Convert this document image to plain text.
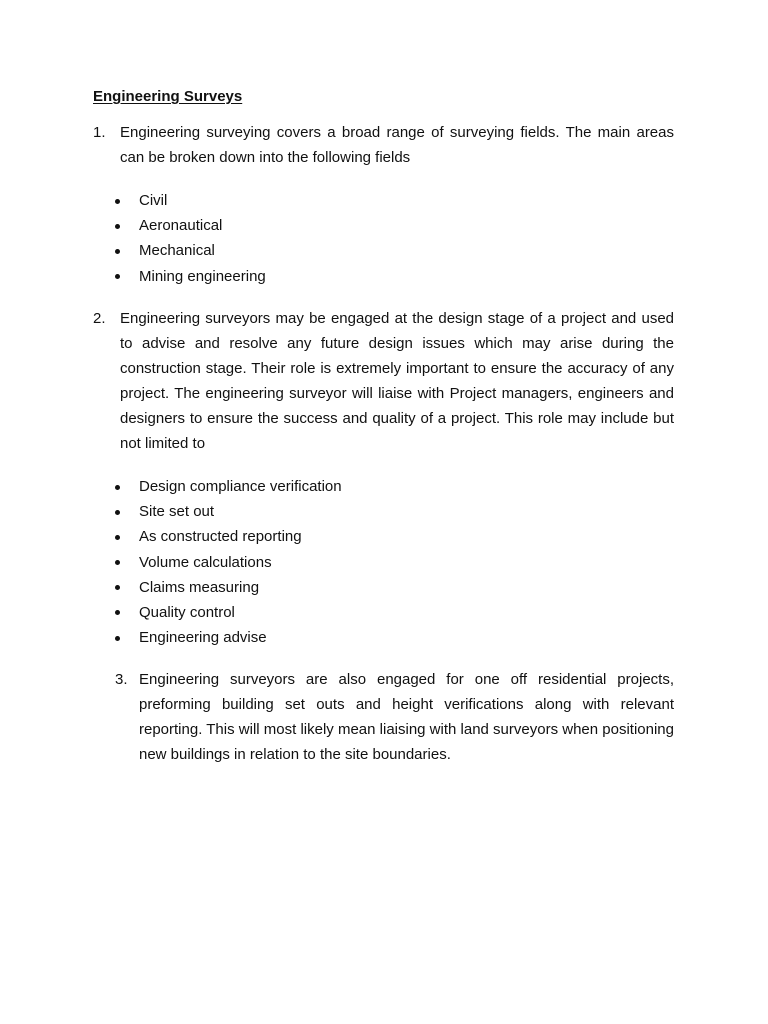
Engineering Surveys
1. Engineering surveying covers a broad range of surveying fields. The main areas can be broken down into the following fields
Civil
Aeronautical
Mechanical
Mining engineering
2. Engineering surveyors may be engaged at the design stage of a project and used to advise and resolve any future design issues which may arise during the construction stage. Their role is extremely important to ensure the accuracy of any project. The engineering surveyor will liaise with Project managers, engineers and designers to ensure the success and quality of a project. This role may include but not limited to
Design compliance verification
Site set out
As constructed reporting
Volume calculations
Claims measuring
Quality control
Engineering advise
3. Engineering surveyors are also engaged for one off residential projects, preforming building set outs and height verifications along with relevant reporting. This will most likely mean liaising with land surveyors when positioning new buildings in relation to the site boundaries.
